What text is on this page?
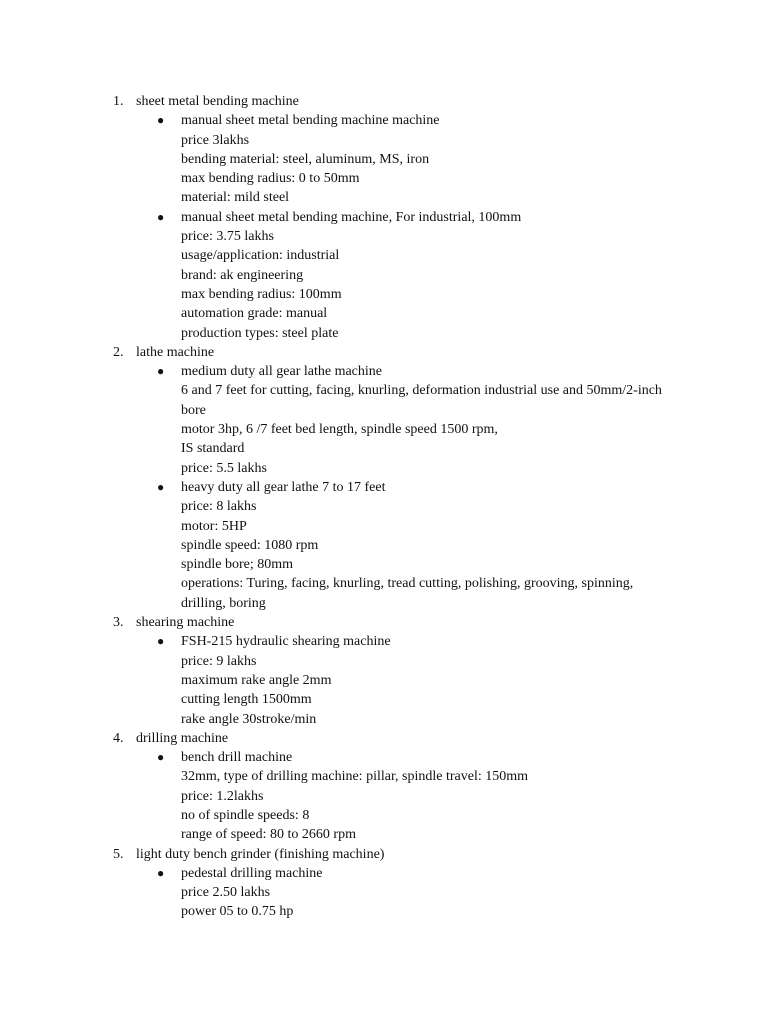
1. sheet metal bending machine
● manual sheet metal bending machine machine
price 3lakhs
bending material: steel, aluminum, MS, iron
max bending radius: 0 to 50mm
material: mild steel
● manual sheet metal bending machine, For industrial, 100mm
price: 3.75 lakhs
usage/application: industrial
brand: ak engineering
max bending radius: 100mm
automation grade: manual
production types: steel plate
2. lathe machine
● medium duty all gear lathe machine
6 and 7 feet for cutting, facing, knurling, deformation industrial use and 50mm/2-inch bore
motor 3hp, 6 /7 feet bed length, spindle speed 1500 rpm,
IS standard
price: 5.5 lakhs
● heavy duty all gear lathe 7 to 17 feet
price: 8 lakhs
motor: 5HP
spindle speed: 1080 rpm
spindle bore; 80mm
operations: Turing, facing, knurling, tread cutting, polishing, grooving, spinning, drilling, boring
3. shearing machine
● FSH-215 hydraulic shearing machine
price: 9 lakhs
maximum rake angle 2mm
cutting length 1500mm
rake angle 30stroke/min
4. drilling machine
● bench drill machine
32mm, type of drilling machine: pillar, spindle travel: 150mm
price: 1.2lakhs
no of spindle speeds: 8
range of speed: 80 to 2660 rpm
5. light duty bench grinder (finishing machine)
● pedestal drilling machine
price 2.50 lakhs
power 05 to 0.75 hp
